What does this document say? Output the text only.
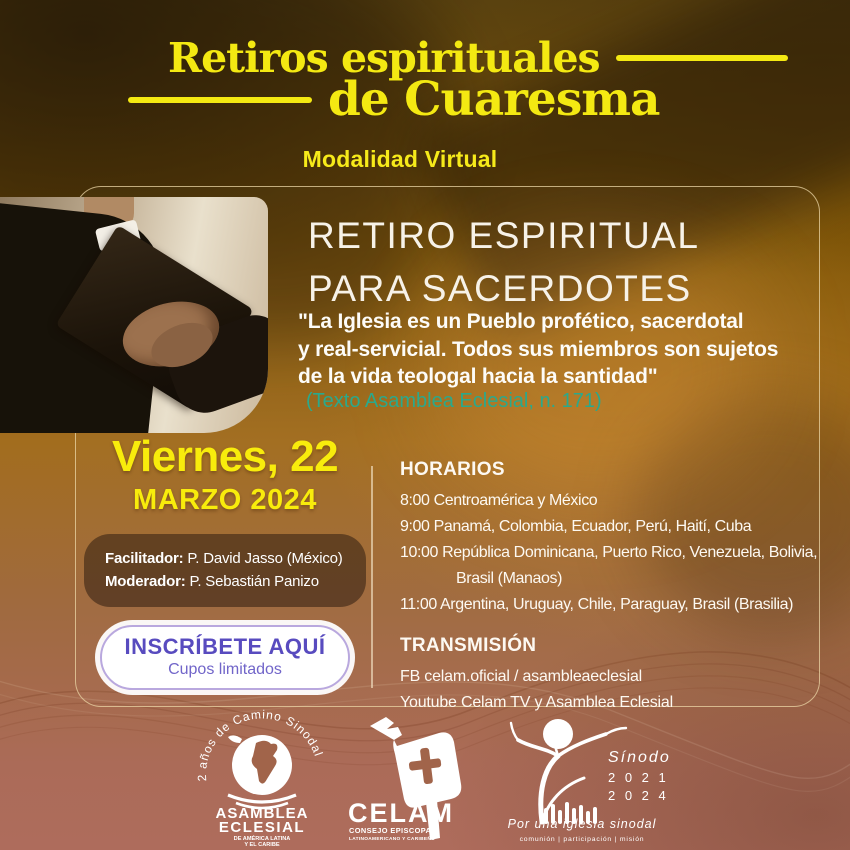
Retiros espirituales
de Cuaresma
Modalidad Virtual
RETIRO ESPIRITUAL
PARA SACERDOTES
"La Iglesia es un Pueblo profético, sacerdotal
y real-servicial. Todos sus miembros son sujetos
de la vida teologal hacia la santidad"
(Texto Asamblea Eclesial, n. 171)
Viernes, 22
MARZO 2024
Facilitador: P. David Jasso (México)
Moderador: P. Sebastián Panizo
INSCRÍBETE AQUÍ
Cupos limitados
HORARIOS
8:00 Centroamérica y México
9:00 Panamá, Colombia, Ecuador, Perú, Haití, Cuba
10:00 República Dominicana, Puerto Rico, Venezuela, Bolivia, Brasil (Manaos)
11:00 Argentina, Uruguay, Chile, Paraguay, Brasil (Brasilia)
TRANSMISIÓN
FB celam.oficial / asambleaeclesial
Youtube Celam TV y Asamblea Eclesial
2 años de Camino Sinodal
ASAMBLEA
ECLESIAL
DE AMÉRICA LATINA
Y EL CARIBE
CELAM
CONSEJO EPISCOPAL
LATINOAMERICANO Y CARIBEÑO
Sínodo
2 0 2 1
2 0 2 4
Por una iglesia sinodal
comunión | participación | misión
